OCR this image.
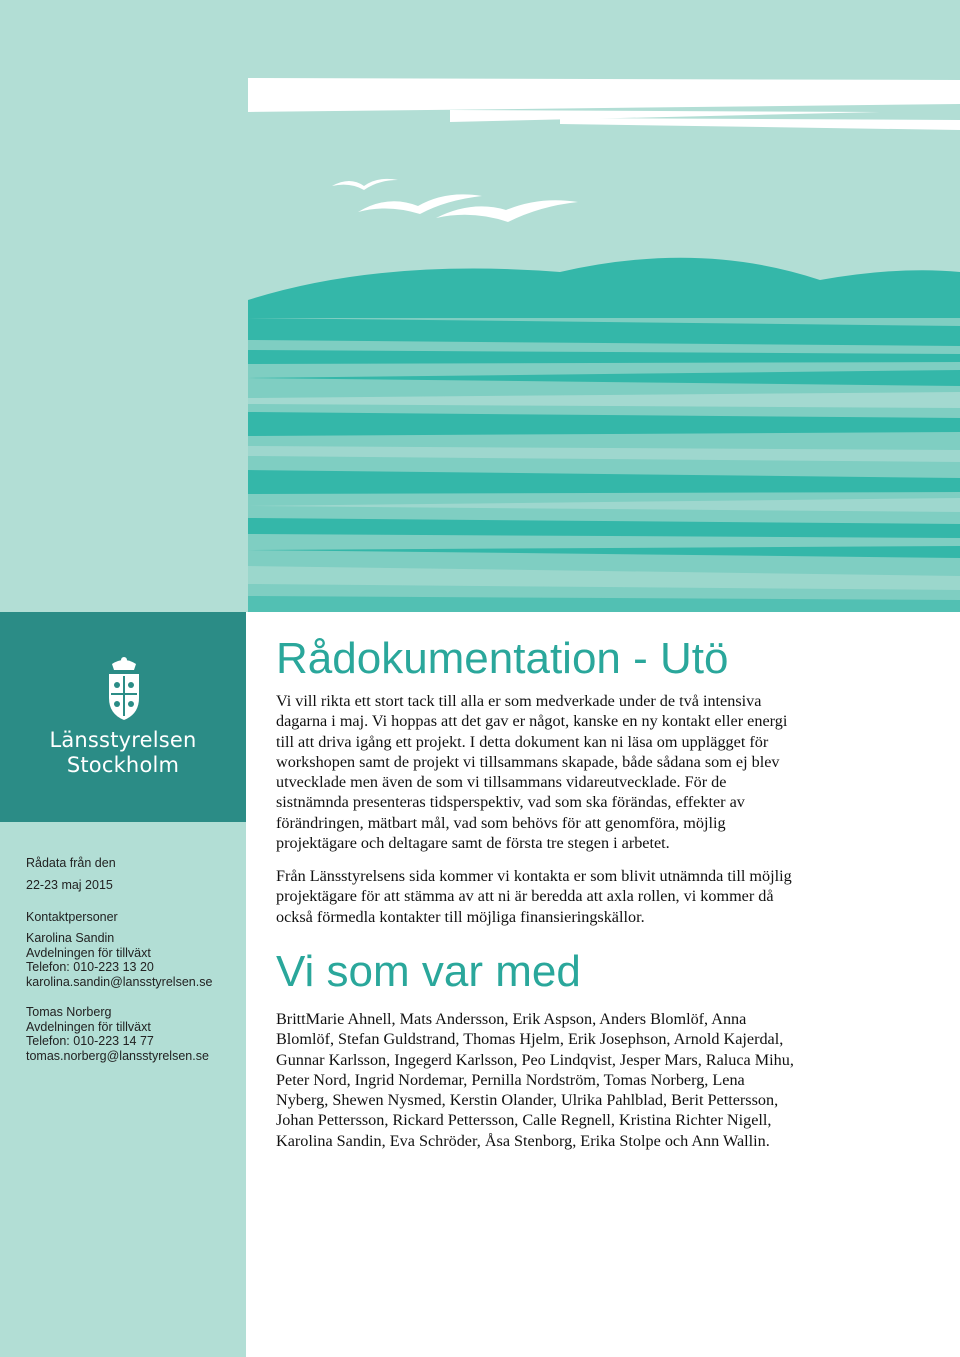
Länsstyrelsen
Stockholm
Rådata från den
22-23 maj 2015
Kontaktpersoner
Karolina Sandin
Avdelningen för tillväxt
Telefon: 010-223 13 20
karolina.sandin@lansstyrelsen.se
Tomas Norberg
Avdelningen för tillväxt
Telefon: 010-223 14 77
tomas.norberg@lansstyrelsen.se
Rådokumentation - Utö
Vi vill rikta ett stort tack till alla er som medverkade under de två intensiva
dagarna i maj. Vi hoppas att det gav er något, kanske en ny kontakt eller energi
till att driva igång ett projekt. I detta dokument kan ni läsa om upplägget för
workshopen samt de projekt vi tillsammans skapade, både sådana som ej blev
utvecklade men även de som vi tillsammans vidareutvecklade. För de
sistnämnda presenteras tidsperspektiv, vad som ska förändas, effekter av
förändringen, mätbart mål, vad som behövs för att genomföra, möjlig
projektägare och deltagare samt de första tre stegen i arbetet.
Från Länsstyrelsens sida kommer vi kontakta er som blivit utnämnda till möjlig
projektägare för att stämma av att ni är beredda att axla rollen, vi kommer då
också förmedla kontakter till möjliga finansieringskällor.
Vi som var med
BrittMarie Ahnell, Mats Andersson, Erik Aspson, Anders Blomlöf, Anna
Blomlöf, Stefan Guldstrand, Thomas Hjelm, Erik Josephson, Arnold Kajerdal,
Gunnar Karlsson, Ingegerd Karlsson, Peo Lindqvist, Jesper Mars, Raluca Mihu,
Peter Nord, Ingrid Nordemar, Pernilla Nordström, Tomas Norberg, Lena
Nyberg, Shewen Nysmed, Kerstin Olander, Ulrika Pahlblad, Berit Pettersson,
Johan Pettersson, Rickard Pettersson, Calle Regnell, Kristina Richter Nigell,
Karolina Sandin, Eva Schröder, Åsa Stenborg, Erika Stolpe och Ann Wallin.
